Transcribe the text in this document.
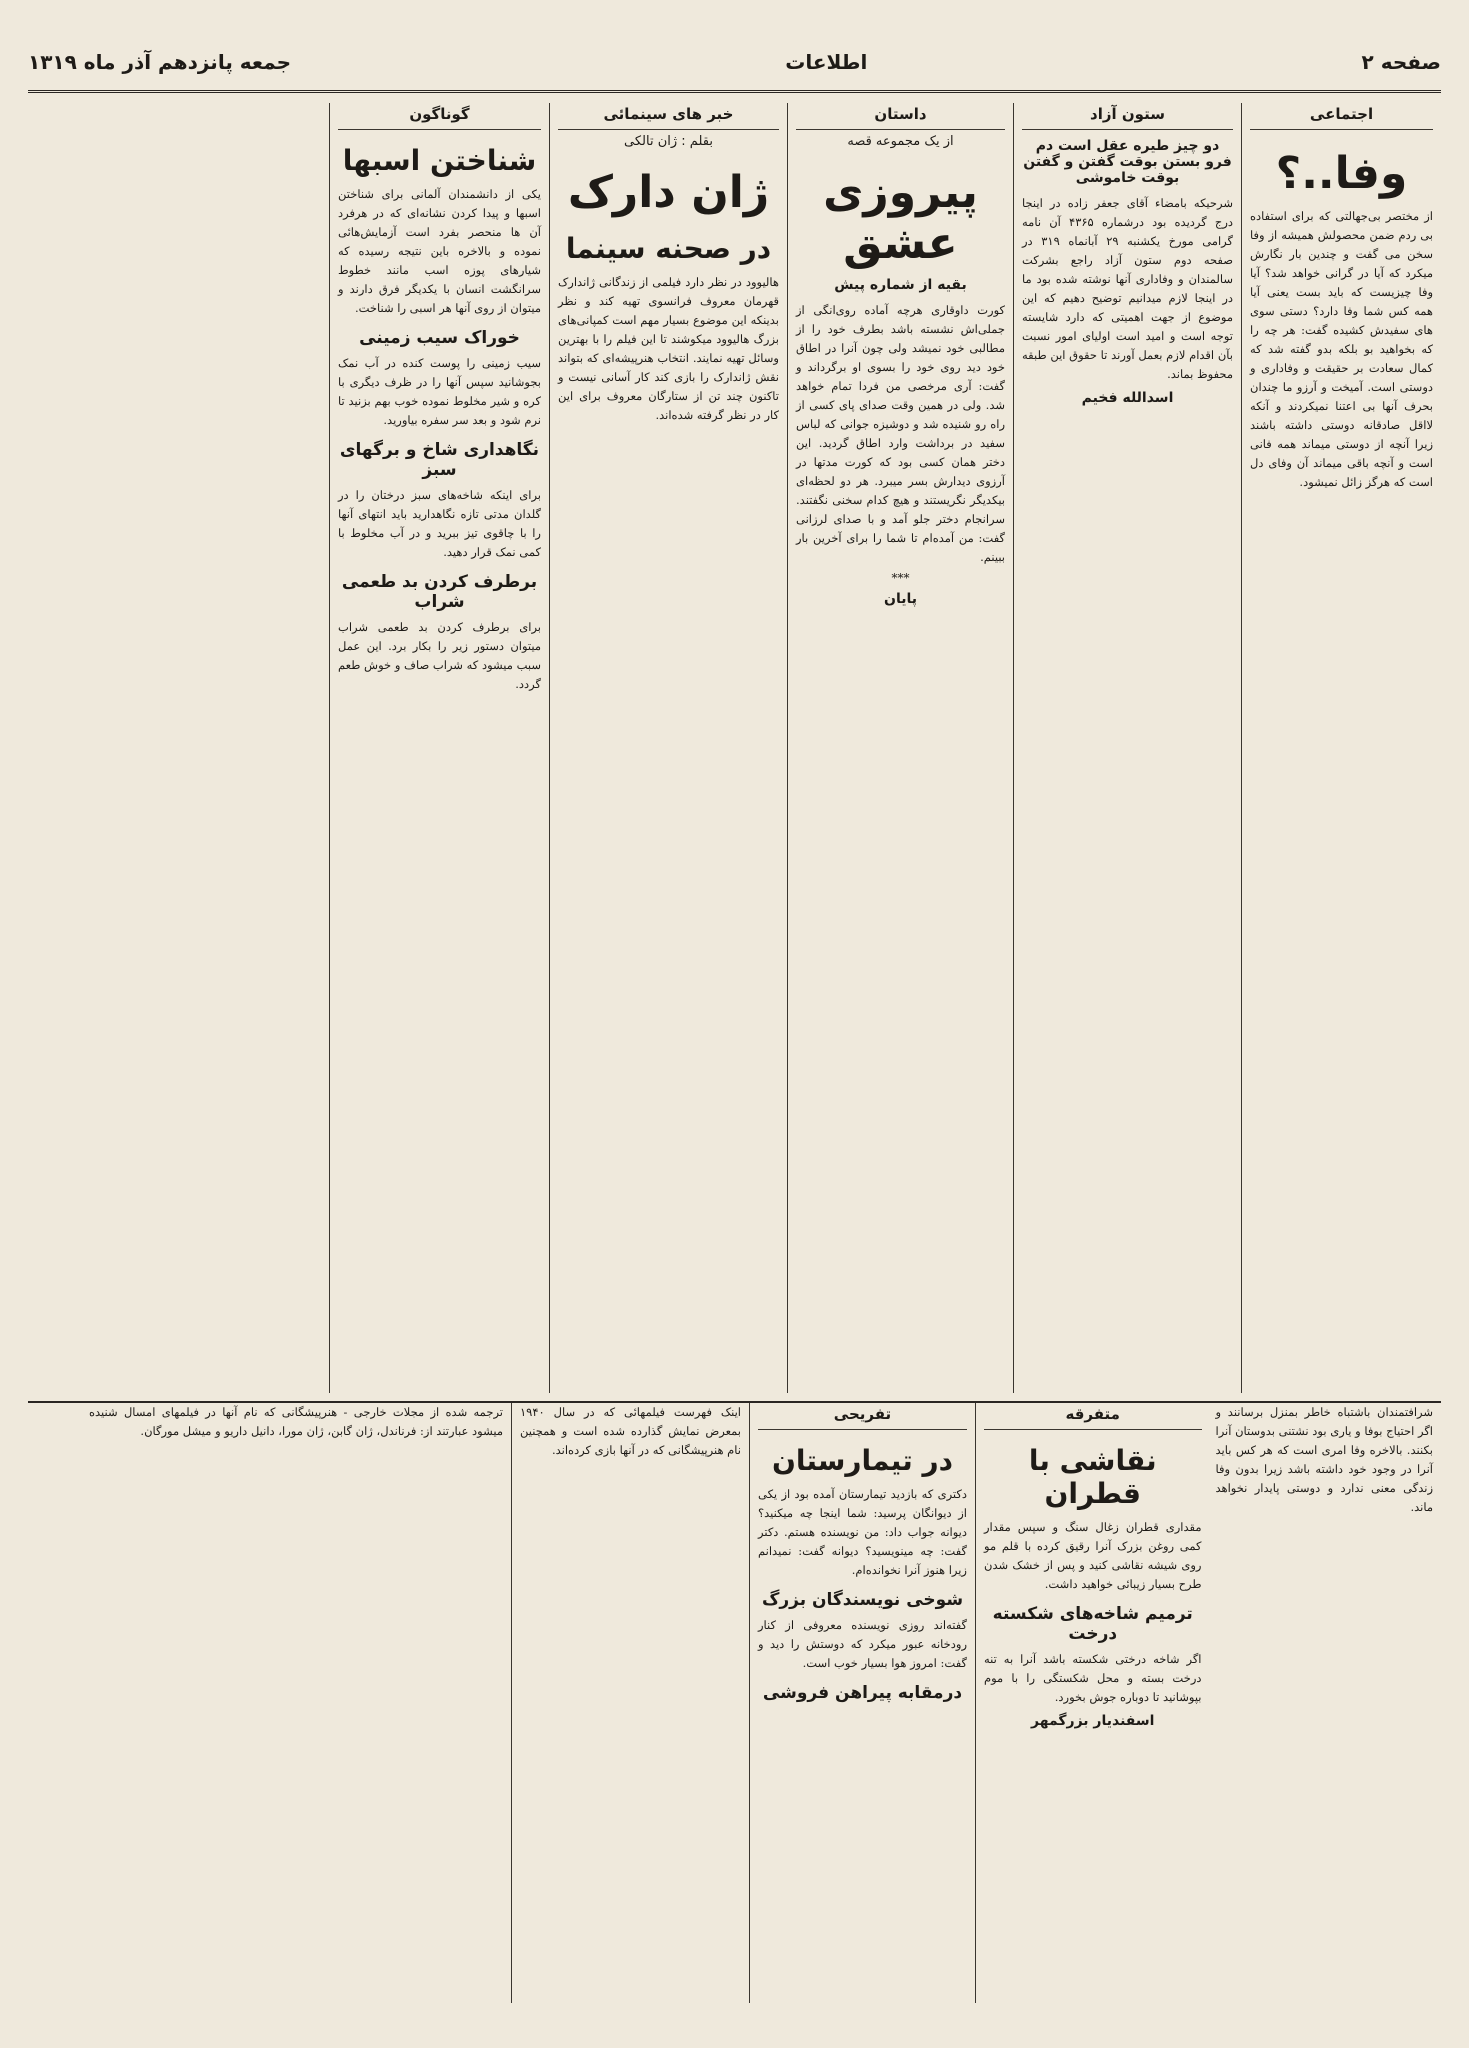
صفحه ۲
اطلاعات
جمعه پانزدهم آذر ماه ۱۳۱۹
اجتماعی
وفا..؟
از مختصر بی‌جهالتی که برای استفاده بی ردم ضمن محصولش همیشه از وفا سخن می گفت و چندین بار نگارش میکرد که آیا در گرانی خواهد شد؟ آیا وفا چیزیست که باید بست یعنی آیا همه کس شما وفا دارد؟ دستی سوی های سفیدش کشیده گفت: هر چه را که بخواهید بو بلکه بدو گفته شد که کمال سعادت بر حقیقت و وفاداری و دوستی است. آمیخت و آرزو ما چندان بحرف‌ آنها بی اعتنا نمیکردند و آنکه لااقل صادقانه دوستی داشته باشند زیرا آنچه از دوستی میماند همه فانی است و آنچه باقی میماند آن وفای دل است که هرگز زائل نمیشود.
ستون آزاد
دو چیز طیره عقل است دم فرو بستن بوقت گفتن و گفتن بوقت خاموشی
شرحیکه بامضاء آقای جعفر زاده در اینجا درج گردیده بود درشماره ۴۳۶۵ آن نامه گرامی مورخ یکشنبه ۲۹ آبانماه ۳۱۹ در صفحه دوم ستون آزاد راجع بشرکت سالمندان و وفاداری آنها نوشته شده بود ما در اینجا لازم میدانیم توضیح دهیم که این موضوع از جهت اهمیتی که دارد شایسته توجه است و امید است اولیای امور نسبت بآن اقدام لازم بعمل آورند تا حقوق این طبقه محفوظ بماند.
اسدالله فخیم
داستان
از یک مجموعه قصه
پیروزی عشق
بقیه از شماره پیش
کورت داوقاری هرچه آماده روی‌انگی از جملی‌اش نشسته باشد بطرف خود را از مطالبی خود نمیشد ولی چون آنرا در اطاق خود دید روی خود را بسوی او برگرداند و گفت: آری مرخصی من فردا تمام خواهد شد. ولی در همین وقت صدای پای کسی از راه رو شنیده شد و دوشیزه جوانی که لباس سفید در برداشت وارد اطاق گردید. این دختر همان کسی بود که کورت مدتها در آرزوی دیدارش بسر میبرد. هر دو لحظه‌ای بیکدیگر نگریستند و هیچ کدام سخنی نگفتند. سرانجام دختر جلو آمد و با صدای لرزانی گفت: من آمده‌ام تا شما را برای آخرین بار ببینم.
***
پایان
خبر های سینمائی
بقلم : ژان تالکی
ژان دارک
در صحنه سینما
هالیوود در نظر دارد فیلمی از زندگانی ژاندارک قهرمان معروف فرانسوی تهیه کند و نظر بدینکه این موضوع بسیار مهم است کمپانی‌های بزرگ هالیوود میکوشند تا این فیلم را با بهترین وسائل تهیه نمایند. انتخاب هنرپیشه‌ای که بتواند نقش ژاندارک را بازی کند کار آسانی نیست و تاکنون چند تن از ستارگان معروف برای این کار در نظر گرفته شده‌اند.
گوناگون
شناختن اسبها
یکی از دانشمندان آلمانی برای شناختن اسبها و پیدا کردن نشانه‌ای که در هرفرد آن ها منحصر بفرد است آزمایش‌هائی نموده و بالاخره باین نتیجه رسیده که شیارهای پوزه اسب مانند خطوط سرانگشت انسان با یکدیگر فرق دارند و میتوان از روی آنها هر اسبی را شناخت.
خوراک سیب زمینی
سیب زمینی را پوست کنده در آب نمک بجوشانید سپس آنها را در ظرف دیگری با کره و شیر مخلوط نموده خوب بهم بزنید تا نرم شود و بعد سر سفره بیاورید.
نگاهداری شاخ و برگهای سبز
برای اینکه شاخه‌های سبز درختان را در گلدان مدتی تازه نگاهدارید باید انتهای آنها را با چاقوی تیز ببرید و در آب مخلوط با کمی نمک قرار دهید.
برطرف کردن بد طعمی شراب
برای برطرف کردن بد طعمی شراب میتوان دستور زیر را بکار برد. این عمل سبب میشود که شراب صاف و خوش طعم گردد.
شرافتمندان باشتباه خاطر بمنزل برسانند و اگر احتیاج بوفا و یاری بود نشتنی بدوستان آنرا بکنند. بالاخره وفا امری است که هر کس باید آنرا در وجود خود داشته باشد زیرا بدون وفا زندگی معنی ندارد و دوستی پایدار نخواهد ماند.
متفرقه
نقاشی با قطران
مقداری قطران زغال سنگ و سپس مقدار کمی روغن بزرک آنرا رقیق کرده با قلم مو روی شیشه نقاشی کنید و پس از خشک شدن طرح بسیار زیبائی خواهید داشت.
ترمیم شاخه‌های شکسته درخت
اگر شاخه درختی شکسته باشد آنرا به تنه درخت بسته و محل شکستگی را با موم بپوشانید تا دوباره جوش بخورد.
اسفندیار بزرگمهر
تفریحی
در تیمارستان
دکتری که بازدید تیمارستان آمده بود از یکی از دیوانگان پرسید: شما اینجا چه میکنید؟ دیوانه جواب داد: من نویسنده هستم. دکتر گفت: چه مینویسید؟ دیوانه گفت: نمیدانم زیرا هنوز آنرا نخوانده‌ام.
شوخی نویسندگان بزرگ
گفته‌اند روزی نویسنده معروفی از کنار رودخانه عبور میکرد که دوستش را دید و گفت: امروز هوا بسیار خوب است.
درمقابه پیراهن فروشی
اینک فهرست فیلمهائی که در سال ۱۹۴۰ بمعرض نمایش گذارده شده است و همچنین نام هنرپیشگانی که در آنها بازی کرده‌اند.
ترجمه شده از مجلات خارجی - هنرپیشگانی که نام آنها در فیلمهای امسال شنیده میشود عبارتند از: فرناندل، ژان گابن، ژان مورا، دانیل داریو و میشل مورگان.
